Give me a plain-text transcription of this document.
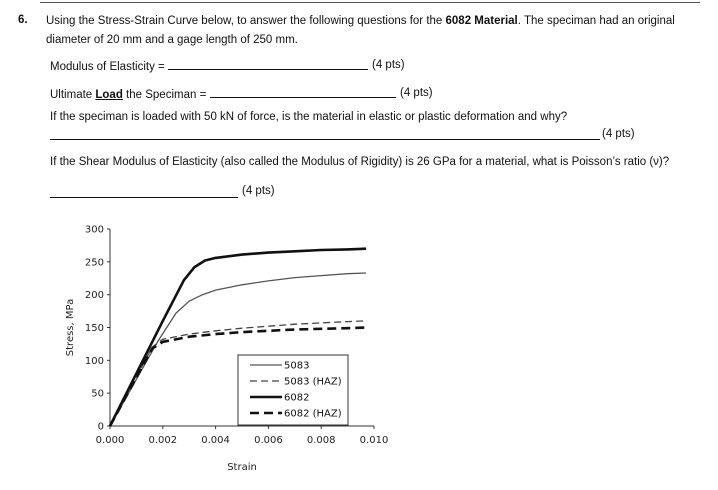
6. Using the Stress-Strain Curve below, to answer the following questions for the 6082 Material. The speciman had an original diameter of 20 mm and a gage length of 250 mm.
Modulus of Elasticity =	(4 pts)
Ultimate Load the Speciman =	(4 pts)
If the speciman is loaded with 50 kN of force, is the material in elastic or plastic deformation and why?
(4 pts)
If the Shear Modulus of Elasticity (also called the Modulus of Rigidity) is 26 GPa for a material, what is Poisson’s ratio (ν)?
(4 pts)
0
50
100
150
200
250
300
0.000 0.002 0.004 0.006 0.008 0.010
Strain
Stress, MPa
5083
5083 (HAZ)
6082
6082 (HAZ)
